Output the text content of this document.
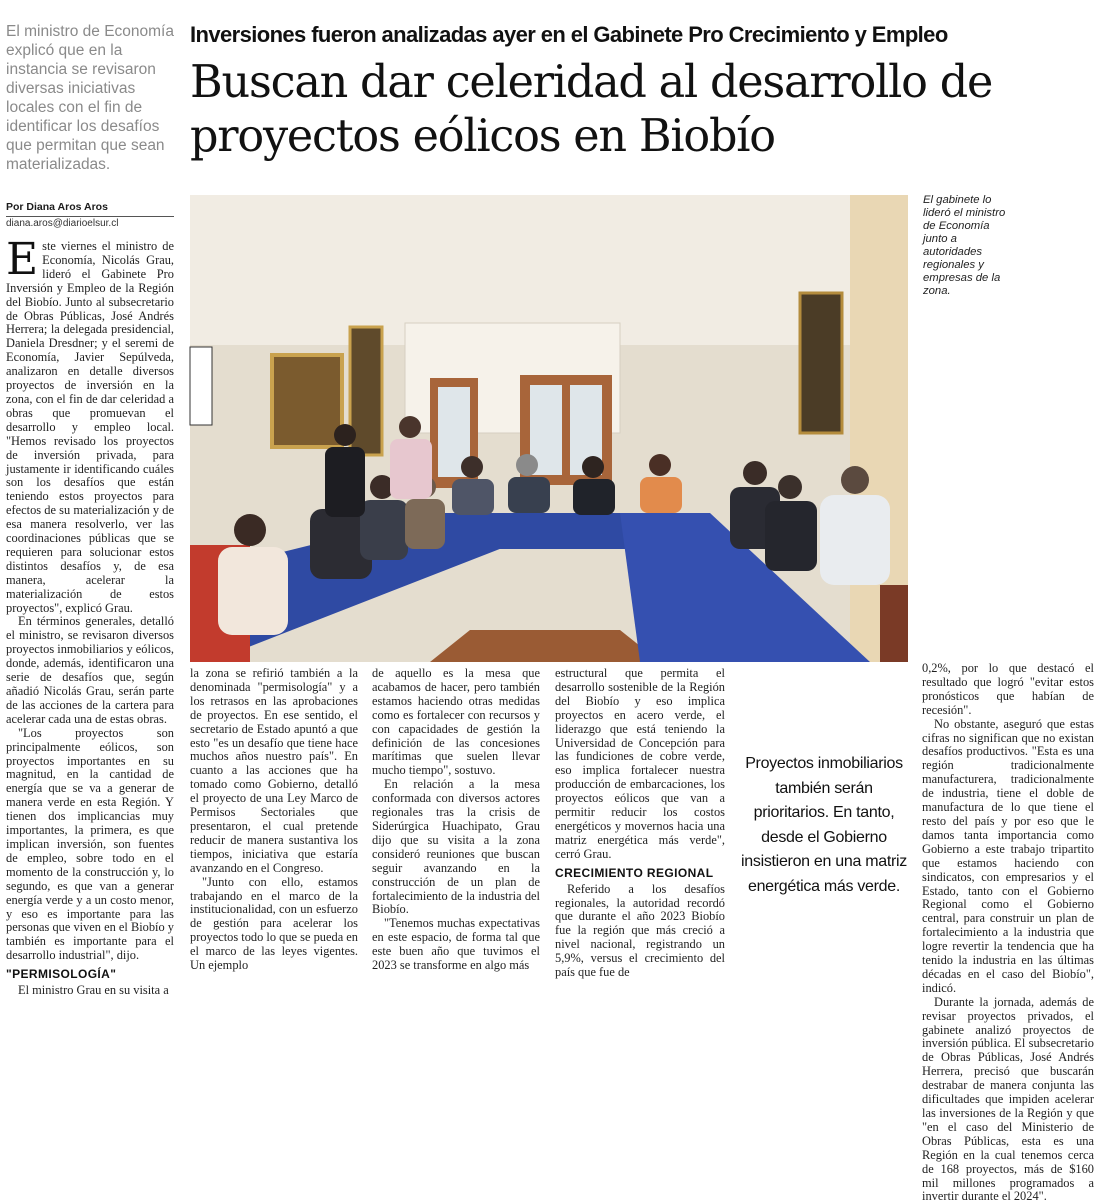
El ministro de Economía explicó que en la instancia se revisaron diversas iniciativas locales con el fin de identificar los desafíos que permitan que sean materializadas.
Por Diana Aros Aros
diana.aros@diarioelsur.cl
Inversiones fueron analizadas ayer en el Gabinete Pro Crecimiento y Empleo
Buscan dar celeridad al desarrollo de proyectos eólicos en Biobío

Este viernes el ministro de Economía, Nicolás Grau, lideró el Gabinete Pro Inversión y Empleo de la Región del Biobío. Junto al subsecretario de Obras Públicas, José Andrés Herrera; la delegada presidencial, Daniela Dresdner; y el seremi de Economía, Javier Sepúlveda, analizaron en detalle diversos proyectos de inversión en la zona, con el fin de dar celeridad a obras que promuevan el desarrollo y empleo local. "Hemos revisado los proyectos de inversión privada, para justamente ir identificando cuáles son los desafíos que están teniendo estos proyectos para efectos de su materialización y de esa manera resolverlo, ver las coordinaciones públicas que se requieren para solucionar estos distintos desafíos y, de esa manera, acelerar la materialización de estos proyectos", explicó Grau.

En términos generales, detalló el ministro, se revisaron diversos proyectos inmobiliarios y eólicos, donde, además, identificaron una serie de desafíos que, según añadió Nicolás Grau, serán parte de las acciones de la cartera para acelerar cada una de estas obras.

"Los proyectos son principalmente eólicos, son proyectos importantes en su magnitud, en la cantidad de energía que se va a generar de manera verde en esta Región. Y tienen dos implicancias muy importantes, la primera, es que implican inversión, son fuentes de empleo, sobre todo en el momento de la construcción y, lo segundo, es que van a generar energía verde y a un costo menor, y eso es importante para las personas que viven en el Biobío y también es importante para el desarrollo industrial", dijo.

"PERMISOLOGÍA"

El ministro Grau en su visita a

El gabinete lo lideró el ministro de Economía junto a autoridades regionales y empresas de la zona.

0,2%, por lo que destacó el resultado que logró "evitar estos pronósticos que habían de recesión".

No obstante, aseguró que estas cifras no significan que no existan desafíos productivos. "Esta es una región tradicionalmente manufacturera, tradicionalmente de industria, tiene el doble de manufactura de lo que tiene el resto del país y por eso que le damos tanta importancia como Gobierno a este trabajo tripartito que estamos haciendo con sindicatos, con empresarios y el Estado, tanto con el Gobierno Regional como el Gobierno central, para construir un plan de fortalecimiento a la industria que logre revertir la tendencia que ha tenido la industria en las últimas décadas en el caso del Biobío", indicó.

Durante la jornada, además de revisar proyectos privados, el gabinete analizó proyectos de inversión pública. El subsecretario de Obras Públicas, José Andrés Herrera, precisó que buscarán destrabar de manera conjunta las dificultades que impiden acelerar las inversiones de la Región y que "en el caso del Ministerio de Obras Públicas, esta es una Región en la cual tenemos cerca de 168 proyectos, más de $160 mil millones programados a invertir durante el 2024".

la zona se refirió también a la denominada "permisología" y a los retrasos en las aprobaciones de proyectos. En ese sentido, el secretario de Estado apuntó a que esto "es un desafío que tiene hace muchos años nuestro país". En cuanto a las acciones que ha tomado como Gobierno, detalló el proyecto de una Ley Marco de Permisos Sectoriales que presentaron, el cual pretende reducir de manera sustantiva los tiempos, iniciativa que estaría avanzando en el Congreso.

"Junto con ello, estamos trabajando en el marco de la institucionalidad, con un esfuerzo de gestión para acelerar los proyectos todo lo que se pueda en el marco de las leyes vigentes. Un ejemplo

de aquello es la mesa que acabamos de hacer, pero también estamos haciendo otras medidas como es fortalecer con recursos y con capacidades de gestión la definición de las concesiones marítimas que suelen llevar mucho tiempo", sostuvo.

En relación a la mesa conformada con diversos actores regionales tras la crisis de Siderúrgica Huachipato, Grau dijo que su visita a la zona consideró reuniones que buscan seguir avanzando en la construcción de un plan de fortalecimiento de la industria del Biobío.

"Tenemos muchas expectativas en este espacio, de forma tal que este buen año que tuvimos el 2023 se transforme en algo más

estructural que permita el desarrollo sostenible de la Región del Biobío y eso implica proyectos en acero verde, el liderazgo que está teniendo la Universidad de Concepción para las fundiciones de cobre verde, eso implica fortalecer nuestra producción de embarcaciones, los proyectos eólicos que van a permitir reducir los costos energéticos y movernos hacia una matriz energética más verde", cerró Grau.

CRECIMIENTO REGIONAL

Referido a los desafíos regionales, la autoridad recordó que durante el año 2023 Biobío fue la región que más creció a nivel nacional, registrando un 5,9%, versus el crecimiento del país que fue de

Proyectos inmobiliarios también serán prioritarios. En tanto, desde el Gobierno insistieron en una matriz energética más verde.
